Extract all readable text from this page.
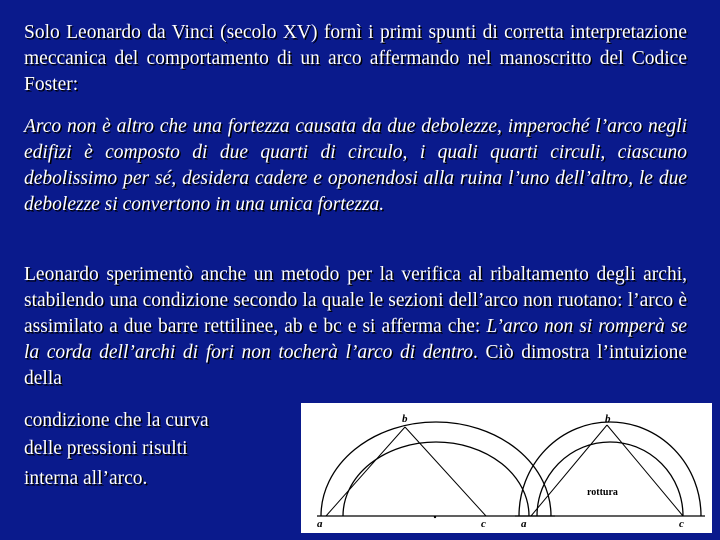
Solo Leonardo da Vinci (secolo XV) fornì i primi spunti di corretta interpretazione meccanica del comportamento di un arco affermando nel manoscritto del Codice Foster:

Arco non è altro che una fortezza causata da due debolezze, imperoché l’arco negli edifizi è composto di due quarti di circulo, i quali quarti circuli, ciascuno debolissimo per sé, desidera cadere e oponendosi alla ruina l’uno dell’altro, le due debolezze si convertono in una unica fortezza.

Leonardo sperimentò anche un metodo per la verifica al ribaltamento degli archi, stabilendo una condizione secondo la quale le sezioni dell’arco non ruotano: l’arco è assimilato a due barre rettilinee, ab e bc e si afferma che: L’arco non si romperà se la corda dell’archi di fori non tocherà l’arco di dentro. Ciò dimostra l’intuizione della

condizione che la curva
delle pressioni risulti
interna all’arco.
a
b
c	a
b
c
rottura
